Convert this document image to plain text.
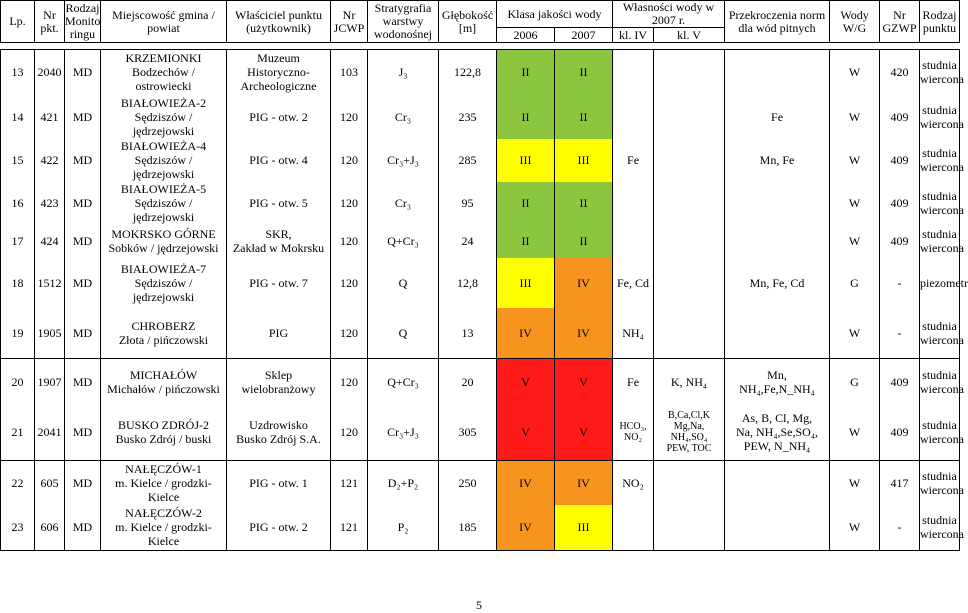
Lp.	Nr pkt.	Rodzaj Monito ringu	Miejscowość gmina / powiat	Właściciel punktu (użytkownik)	Nr JCWP	Stratygrafia warstwy wodonośnej	Głębokość [m]	Klasa jakości wody		Własności wody w 2007 r.		Przekroczenia norm dla wód pitnych	Wody W/G	Nr GZWP	Rodzaj punktu
								2006	2007	kl. IV	kl. V				

13	2040	MD	KRZEMIONKI
Bodzechów /
ostrowiecki	Muzeum
Historyczno-
Archeologiczne	103	J₃	122,8	II	II				W	420	studnia
wiercona
14	421	MD	BIAŁOWIEŻA-2
Sędziszów /
jędrzejowski	PIG - otw. 2	120	Cr₃	235	II	II			Fe	W	409	studnia
wiercona
15	422	MD	BIAŁOWIEŻA-4
Sędziszów /
jędrzejowski	PIG - otw. 4	120	Cr₃+J₃	285	III	III	Fe		Mn, Fe	W	409	studnia
wiercona
16	423	MD	BIAŁOWIEŻA-5
Sędziszów /
jędrzejowski	PIG - otw. 5	120	Cr₃	95	II	II				W	409	studnia
wiercona
17	424	MD	MOKRSKO GÓRNE
Sobków / jędrzejowski	SKR,
Zakład w Mokrsku	120	Q+Cr₃	24	II	II				W	409	studnia
wiercona
18	1512	MD	BIAŁOWIEŻA-7
Sędziszów /
jędrzejowski	PIG - otw. 7	120	Q	12,8	III	IV	Fe, Cd		Mn, Fe, Cd	G	-	piezometr
19	1905	MD	CHROBERZ
Złota / pińczowski	PIG	120	Q	13	IV	IV	NH₄			W	-	studnia
wiercona
20	1907	MD	MICHAŁÓW
Michałów / pińczowski	Sklep
wielobranżowy	120	Q+Cr₃	20	V	V	Fe	K, NH₄	Mn,
NH₄,Fe,N_NH₄	G	409	studnia
wiercona
21	2041	MD	BUSKO ZDRÓJ-2
Busko Zdrój / buski	Uzdrowisko
Busko Zdrój S.A.	120	Cr₃+J₃	305	V	V	HCO₃, NO₂	B,Ca,Cl,K
Mg,Na,
NH₄,SO₄
PEW, TOC	As, B, Cl, Mg,
Na, NH₄,Se,SO₄,
PEW, N_NH₄	W	409	studnia
wiercona
22	605	MD	NAŁĘCZÓW-1
m. Kielce / grodzki-
Kielce	PIG - otw. 1	121	D₂+P₂	250	IV	IV	NO₂			W	417	studnia
wiercona
23	606	MD	NAŁĘCZÓW-2
m. Kielce / grodzki-
Kielce	PIG - otw. 2	121	P₂	185	IV	III				W	-	studnia
wiercona
5
